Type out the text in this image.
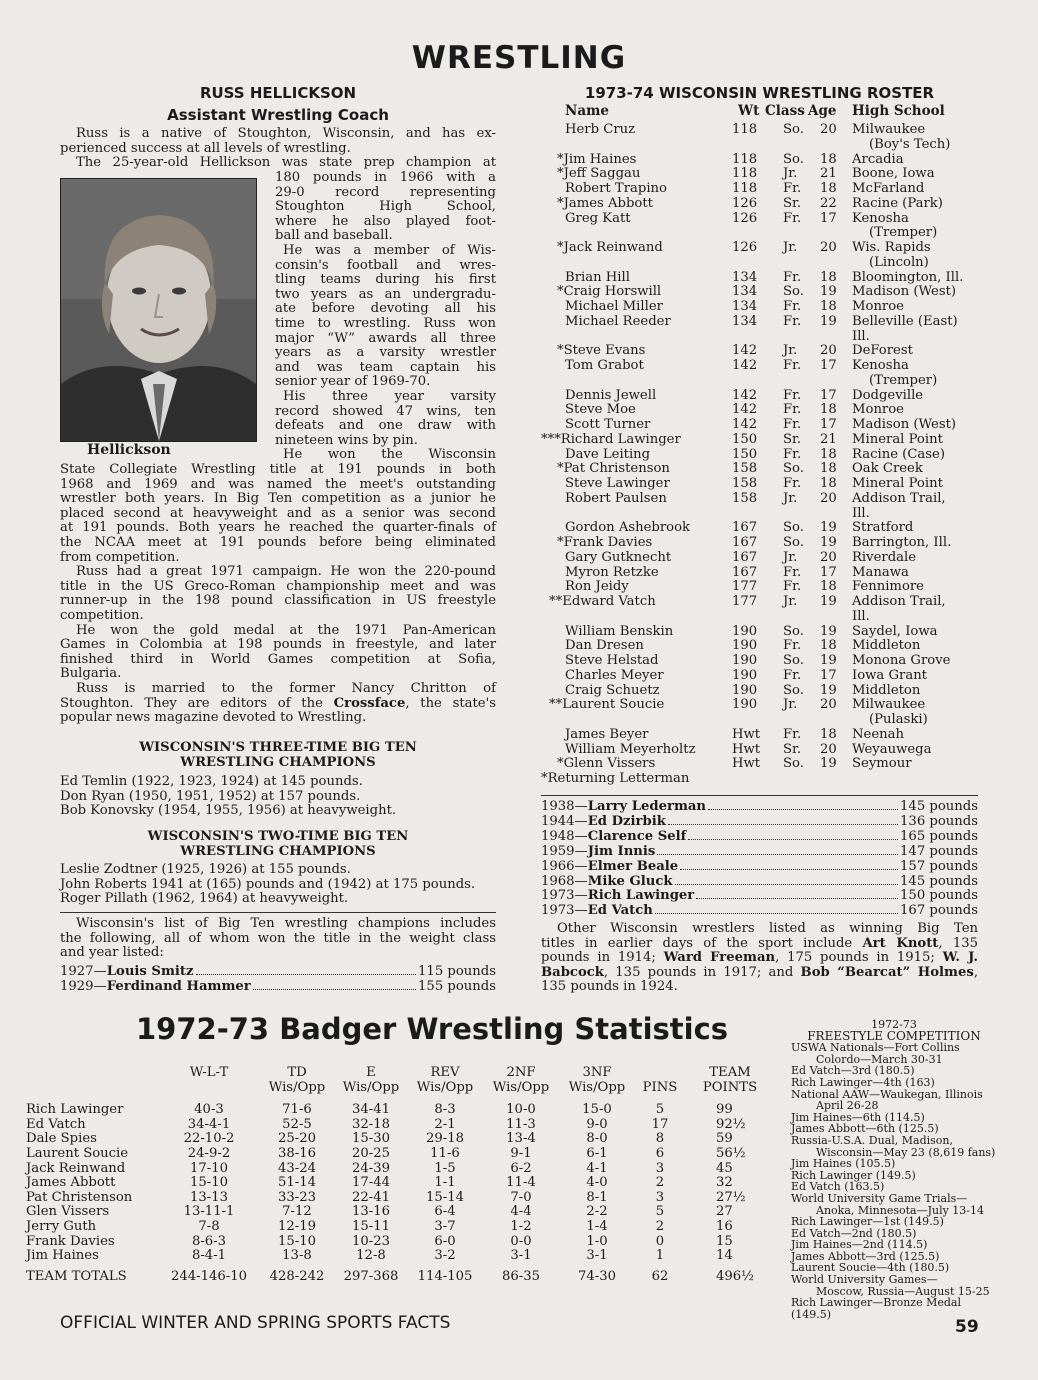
WRESTLING
RUSS HELLICKSON
Assistant Wrestling Coach
Russ is a native of Stoughton, Wisconsin, and has ex-
perienced success at all levels of wrestling.
The 25-year-old Hellickson was state prep champion at
Hellickson
180 pounds in 1966 with a
29-0 record representing
Stoughton High School,
where he also played foot-
ball and baseball.
He was a member of Wis-
consin's football and wres-
tling teams during his first
two years as an undergradu-
ate before devoting all his
time to wrestling. Russ won
major “W” awards all three
years as a varsity wrestler
and was team captain his
senior year of 1969-70.
His three year varsity
record showed 47 wins, ten
defeats and one draw with
nineteen wins by pin.
He won the Wisconsin
State Collegiate Wrestling title at 191 pounds in both
1968 and 1969 and was named the meet's outstanding
wrestler both years. In Big Ten competition as a junior he
placed second at heavyweight and as a senior was second
at 191 pounds. Both years he reached the quarter-finals of
the NCAA meet at 191 pounds before being eliminated
from competition.
Russ had a great 1971 campaign. He won the 220-pound
title in the US Greco-Roman championship meet and was
runner-up in the 198 pound classification in US freestyle
competition.
He won the gold medal at the 1971 Pan-American
Games in Colombia at 198 pounds in freestyle, and later
finished third in World Games competition at Sofia,
Bulgaria.
Russ is married to the former Nancy Chritton of
Stoughton. They are editors of the Crossface, the state's
popular news magazine devoted to Wrestling.
WISCONSIN'S THREE-TIME BIG TEN
WRESTLING CHAMPIONS
Ed Temlin (1922, 1923, 1924) at 145 pounds.
Don Ryan (1950, 1951, 1952) at 157 pounds.
Bob Konovsky (1954, 1955, 1956) at heavyweight.
WISCONSIN'S TWO-TIME BIG TEN
WRESTLING CHAMPIONS
Leslie Zodtner (1925, 1926) at 155 pounds.
John Roberts 1941 at (165) pounds and (1942) at 175 pounds.
Roger Pillath (1962, 1964) at heavyweight.
Wisconsin's list of Big Ten wrestling champions includes
the following, all of whom won the title in the weight class
and year listed:
1927— Louis Smitz	115 pounds
1929— Ferdinand Hammer	155 pounds
1973-74 WISCONSIN WRESTLING ROSTER
Name	Wt Class Age High School
Herb Cruz	118 So. 20 Milwaukee
(Boy's Tech)
*Jim Haines	118 So. 18 Arcadia
*Jeff Saggau	118 Jr. 21 Boone, Iowa
Robert Trapino	118 Fr. 18 McFarland
*James Abbott	126 Sr. 22 Racine (Park)
Greg Katt	126 Fr. 17 Kenosha
(Tremper)
*Jack Reinwand	126 Jr. 20 Wis. Rapids
(Lincoln)
Brian Hill	134 Fr. 18 Bloomington, Ill.
*Craig Horswill	134 So. 19 Madison (West)
Michael Miller	134 Fr. 18 Monroe
Michael Reeder	134 Fr. 19 Belleville (East)
Ill.
*Steve Evans	142 Jr. 20 DeForest
Tom Grabot	142 Fr. 17 Kenosha
(Tremper)
Dennis Jewell	142 Fr. 17 Dodgeville
Steve Moe	142 Fr. 18 Monroe
Scott Turner	142 Fr. 17 Madison (West)
***Richard Lawinger	150 Sr. 21 Mineral Point
Dave Leiting	150 Fr. 18 Racine (Case)
*Pat Christenson	158 So. 18 Oak Creek
Steve Lawinger	158 Fr. 18 Mineral Point
Robert Paulsen	158 Jr. 20 Addison Trail,
Ill.
Gordon Ashebrook	167 So. 19 Stratford
*Frank Davies	167 So. 19 Barrington, Ill.
Gary Gutknecht	167 Jr. 20 Riverdale
Myron Retzke	167 Fr. 17 Manawa
Ron Jeidy	177 Fr. 18 Fennimore
**Edward Vatch	177 Jr. 19 Addison Trail,
Ill.
William Benskin	190 So. 19 Saydel, Iowa
Dan Dresen	190 Fr. 18 Middleton
Steve Helstad	190 So. 19 Monona Grove
Charles Meyer	190 Fr. 17 Iowa Grant
Craig Schuetz	190 So. 19 Middleton
**Laurent Soucie	190 Jr. 20 Milwaukee
(Pulaski)
James Beyer	Hwt Fr. 18 Neenah
William Meyerholtz	Hwt Sr. 20 Weyauwega
*Glenn Vissers	Hwt So. 19 Seymour
*Returning Letterman
1938— Larry Lederman	145 pounds
1944— Ed Dzirbik	136 pounds
1948— Clarence Self	165 pounds
1959— Jim Innis	147 pounds
1966— Elmer Beale	157 pounds
1968— Mike Gluck	145 pounds
1973— Rich Lawinger	150 pounds
1973— Ed Vatch	167 pounds
Other Wisconsin wrestlers listed as winning Big Ten
titles in earlier days of the sport include Art Knott, 135
pounds in 1914; Ward Freeman, 175 pounds in 1915; W. J.
Babcock, 135 pounds in 1917; and Bob “Bearcat” Holmes,
135 pounds in 1924.
1972-73 Badger Wrestling Statistics
	W-L-T	TD	E	REV	2NF	3NF		TEAM
		Wis/Opp	Wis/Opp	Wis/Opp	Wis/Opp	Wis/Opp	PINS	POINTS

Rich Lawinger	40-3	71-6	34-41	8-3	10-0	15-0	5	99
Ed Vatch	34-4-1	52-5	32-18	2-1	11-3	9-0	17	92½
Dale Spies	22-10-2	25-20	15-30	29-18	13-4	8-0	8	59
Laurent Soucie	24-9-2	38-16	20-25	11-6	9-1	6-1	6	56½
Jack Reinwand	17-10	43-24	24-39	1-5	6-2	4-1	3	45
James Abbott	15-10	51-14	17-44	1-1	11-4	4-0	2	32
Pat Christenson	13-13	33-23	22-41	15-14	7-0	8-1	3	27½
Glen Vissers	13-11-1	7-12	13-16	6-4	4-4	2-2	5	27
Jerry Guth	7-8	12-19	15-11	3-7	1-2	1-4	2	16
Frank Davies	8-6-3	15-10	10-23	6-0	0-0	1-0	0	15
Jim Haines	8-4-1	13-8	12-8	3-2	3-1	3-1	1	14

TEAM TOTALS	244-146-10	428-242	297-368	114-105	86-35	74-30	62	496½
1972-73
FREESTYLE COMPETITION
USWA Nationals—Fort Collins
Colordo—March 30-31
Ed Vatch—3rd (180.5)
Rich Lawinger—4th (163)
National AAW—Waukegan, Illinois
April 26-28
Jim Haines—6th (114.5)
James Abbott—6th (125.5)
Russia-U.S.A. Dual, Madison,
Wisconsin—May 23 (8,619 fans)
Jim Haines (105.5)
Rich Lawinger (149.5)
Ed Vatch (163.5)
World University Game Trials—
Anoka, Minnesota—July 13-14
Rich Lawinger—1st (149.5)
Ed Vatch—2nd (180.5)
Jim Haines—2nd (114.5)
James Abbott—3rd (125.5)
Laurent Soucie—4th (180.5)
World University Games—
Moscow, Russia—August 15-25
Rich Lawinger—Bronze Medal (149.5)
OFFICIAL WINTER AND SPRING SPORTS FACTS	59
